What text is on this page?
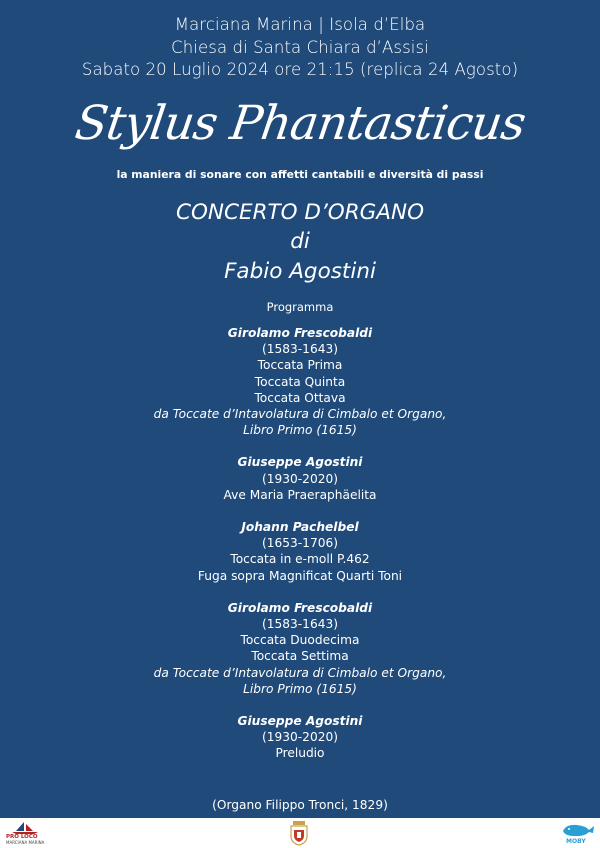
Marciana Marina | Isola d’Elba
Chiesa di Santa Chiara d’Assisi
Sabato 20 Luglio 2024 ore 21:15 (replica 24 Agosto)
Stylus Phantasticus
la maniera di sonare con affetti cantabili e diversità di passi
CONCERTO D’ORGANO
di
Fabio Agostini
Programma
Girolamo Frescobaldi
(1583-1643)
Toccata Prima
Toccata Quinta
Toccata Ottava
da Toccate d’Intavolatura di Cimbalo et Organo,
Libro Primo (1615)
Giuseppe Agostini
(1930-2020)
Ave Maria Praeraphäelita
Johann Pachelbel
(1653-1706)
Toccata in e-moll P.462
Fuga sopra Magnificat Quarti Toni
Girolamo Frescobaldi
(1583-1643)
Toccata Duodecima
Toccata Settima
da Toccate d’Intavolatura di Cimbalo et Organo,
Libro Primo (1615)
Giuseppe Agostini
(1930-2020)
Preludio
(Organo Filippo Tronci, 1829)
PRO LOCO
MARCIANA MARINA	MOBY
